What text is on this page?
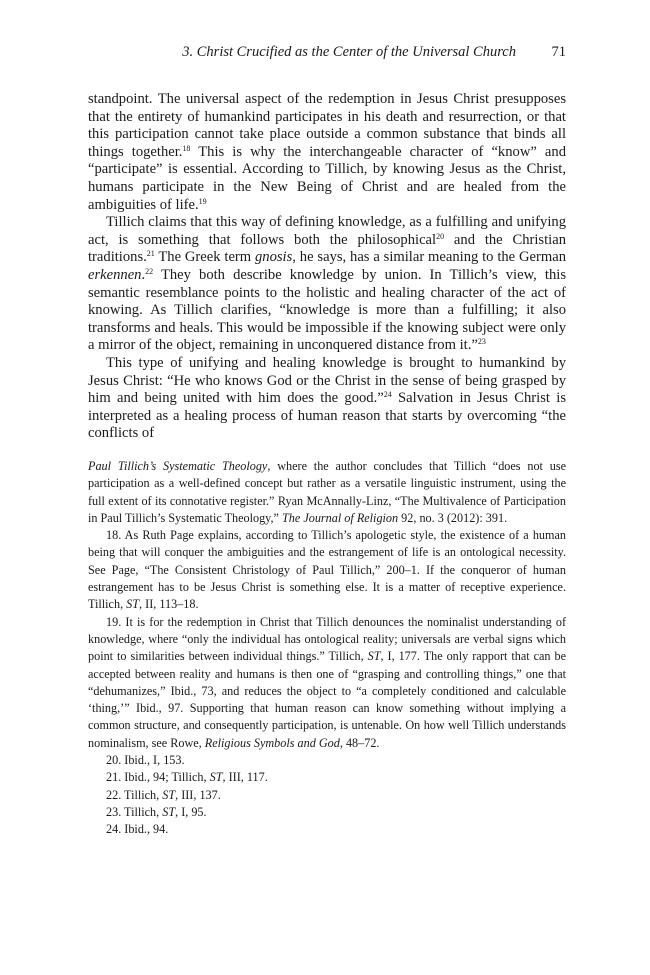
3. Christ Crucified as the Center of the Universal Church 71

standpoint. The universal aspect of the redemption in Jesus Christ presupposes that the entirety of humankind participates in his death and resurrection, or that this participation cannot take place outside a common substance that binds all things together.$^{18}$ This is why the interchangeable character of “know” and “participate” is essential. According to Tillich, by knowing Jesus as the Christ, humans participate in the New Being of Christ and are healed from the ambiguities of life.$^{19}$

Tillich claims that this way of defining knowledge, as a fulfilling and unifying act, is something that follows both the philosophical$^{20}$ and the Christian traditions.$^{21}$ The Greek term gnosis, he says, has a similar meaning to the German erkennen.$^{22}$ They both describe knowledge by union. In Tillich’s view, this semantic resemblance points to the holistic and healing character of the act of knowing. As Tillich clarifies, “knowledge is more than a fulfilling; it also transforms and heals. This would be impossible if the knowing subject were only a mirror of the object, remaining in unconquered distance from it.”$^{23}$

This type of unifying and healing knowledge is brought to humankind by Jesus Christ: “He who knows God or the Christ in the sense of being grasped by him and being united with him does the good.”$^{24}$ Salvation in Jesus Christ is interpreted as a healing process of human reason that starts by overcoming “the conflicts of

Paul Tillich’s Systematic Theology, where the author concludes that Tillich “does not use participation as a well-defined concept but rather as a versatile linguistic instrument, using the full extent of its connotative register.” Ryan McAnnally-Linz, “The Multivalence of Participation in Paul Tillich’s Systematic Theology,” The Journal of Religion 92, no. 3 (2012): 391.

18. As Ruth Page explains, according to Tillich’s apologetic style, the existence of a human being that will conquer the ambiguities and the estrangement of life is an ontological necessity. See Page, “The Consistent Christology of Paul Tillich,” 200–1. If the conqueror of human estrangement has to be Jesus Christ is something else. It is a matter of receptive experience. Tillich, ST, II, 113–18.

19. It is for the redemption in Christ that Tillich denounces the nominalist understanding of knowledge, where “only the individual has ontological reality; universals are verbal signs which point to similarities between individual things.” Tillich, ST, I, 177. The only rapport that can be accepted between reality and humans is then one of “grasping and controlling things,” one that “dehumanizes,” Ibid., 73, and reduces the object to “a completely conditioned and calculable ‘thing,’” Ibid., 97. Supporting that human reason can know something without implying a common structure, and consequently participation, is untenable. On how well Tillich understands nominalism, see Rowe, Religious Symbols and God, 48–72.

20. Ibid., I, 153.

21. Ibid., 94; Tillich, ST, III, 117.

22. Tillich, ST, III, 137.

23. Tillich, ST, I, 95.

24. Ibid., 94.
